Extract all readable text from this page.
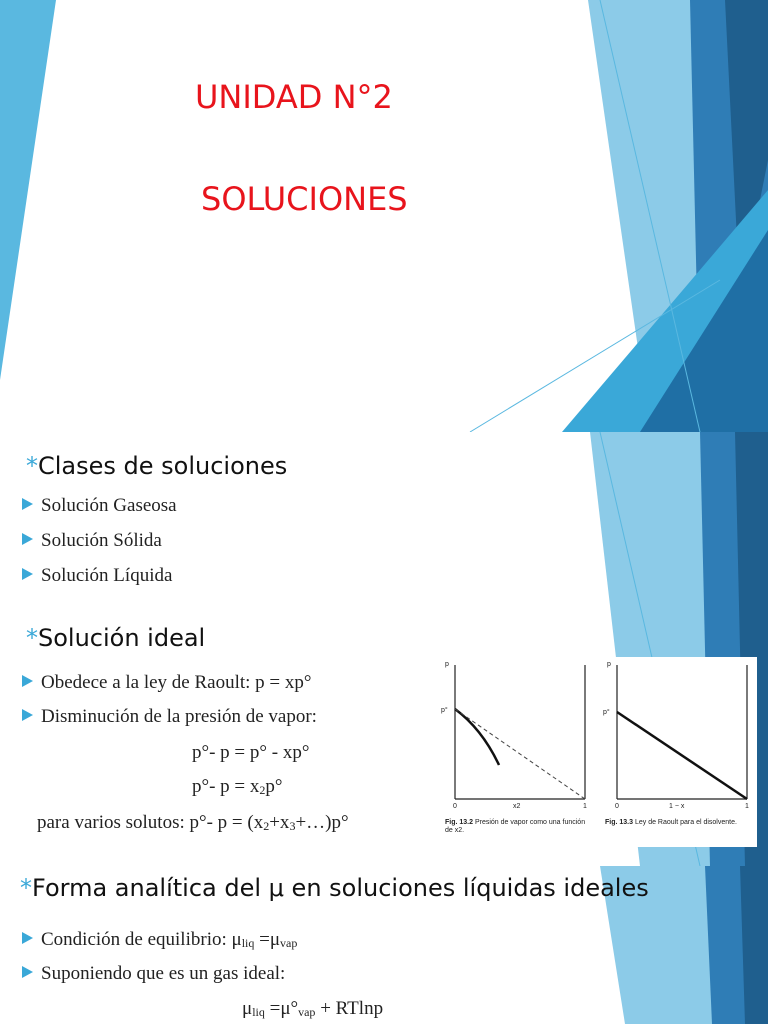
UNIDAD N°2
SOLUCIONES
*Clases de soluciones
Solución Gaseosa
Solución Sólida
Solución Líquida
*Solución ideal
Obedece a la ley de Raoult: p = xp°
Disminución de la presión de vapor:
p°- p = p° - xp°
p°- $p = x_2p^\circ$
para varios solutos: p°- $p = (x_2+x_3+\dots)p^\circ$
p
p°
0	x2	1
Fig. 13.2 Presión de vapor como una función de x2.
p
p°
0	1 − x	1
Fig. 13.3 Ley de Raoult para el disolvente.
*Forma analítica del μ en soluciones líquidas ideales
Condición de equilibrio: $\mu_{liq} =\mu_{vap}$
Suponiendo que es un gas ideal:
$\mu_{liq} =\mu^\circ_{vap} + RTlnp$
